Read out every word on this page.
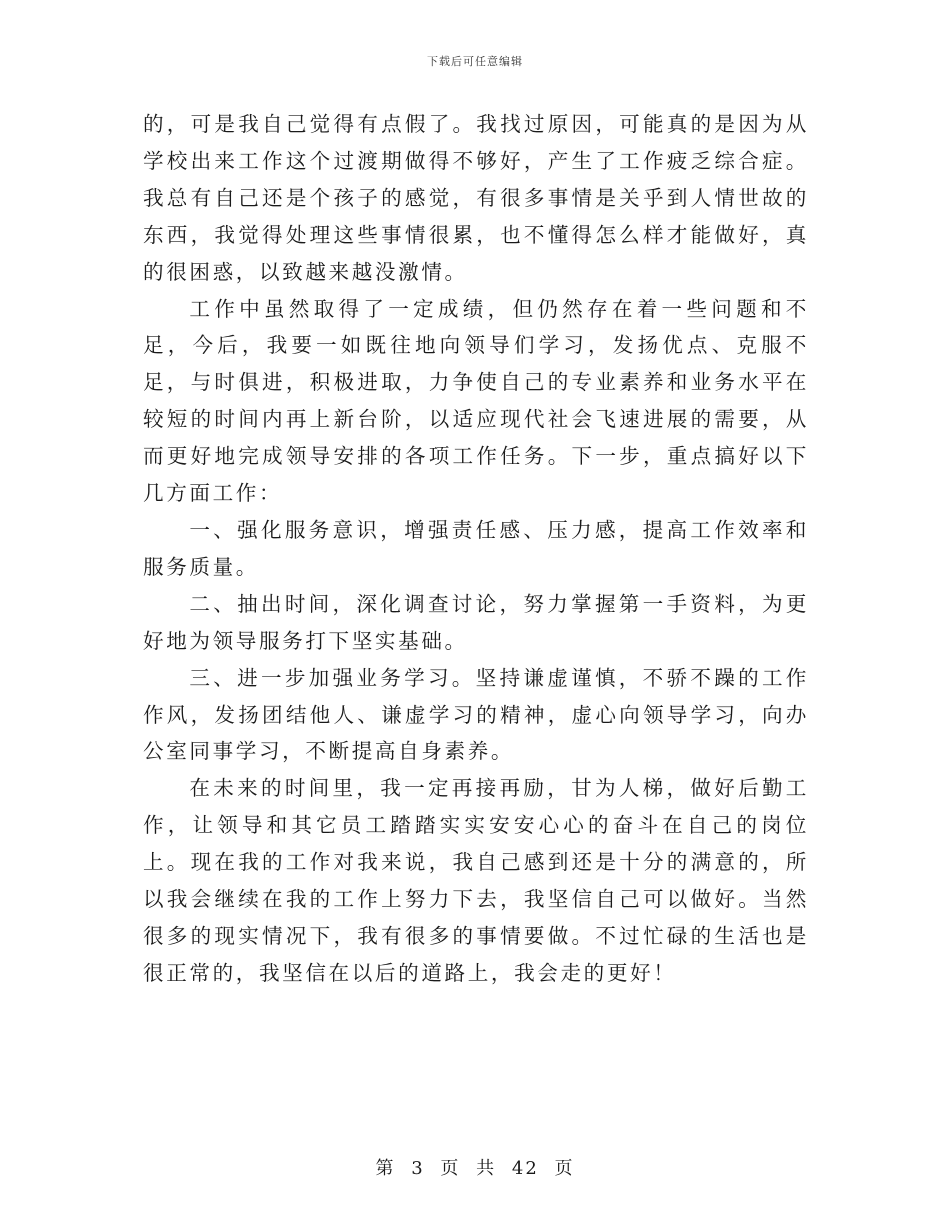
下载后可任意编辑

的，可是我自己觉得有点假了。我找过原因，可能真的是因为从学校出来工作这个过渡期做得不够好，产生了工作疲乏综合症。我总有自己还是个孩子的感觉，有很多事情是关乎到人情世故的东西，我觉得处理这些事情很累，也不懂得怎么样才能做好，真的很困惑，以致越来越没激情。

工作中虽然取得了一定成绩，但仍然存在着一些问题和不足，今后，我要一如既往地向领导们学习，发扬优点、克服不足，与时俱进，积极进取，力争使自己的专业素养和业务水平在较短的时间内再上新台阶，以适应现代社会飞速进展的需要，从而更好地完成领导安排的各项工作任务。下一步，重点搞好以下几方面工作：

一、强化服务意识，增强责任感、压力感，提高工作效率和服务质量。

二、抽出时间，深化调查讨论，努力掌握第一手资料，为更好地为领导服务打下坚实基础。

三、进一步加强业务学习。坚持谦虚谨慎，不骄不躁的工作作风，发扬团结他人、谦虚学习的精神，虚心向领导学习，向办公室同事学习，不断提高自身素养。

在未来的时间里，我一定再接再励，甘为人梯，做好后勤工作，让领导和其它员工踏踏实实安安心心的奋斗在自己的岗位上。现在我的工作对我来说，我自己感到还是十分的满意的，所以我会继续在我的工作上努力下去，我坚信自己可以做好。当然很多的现实情况下，我有很多的事情要做。不过忙碌的生活也是很正常的，我坚信在以后的道路上，我会走的更好！

第 3 页 共 42 页
